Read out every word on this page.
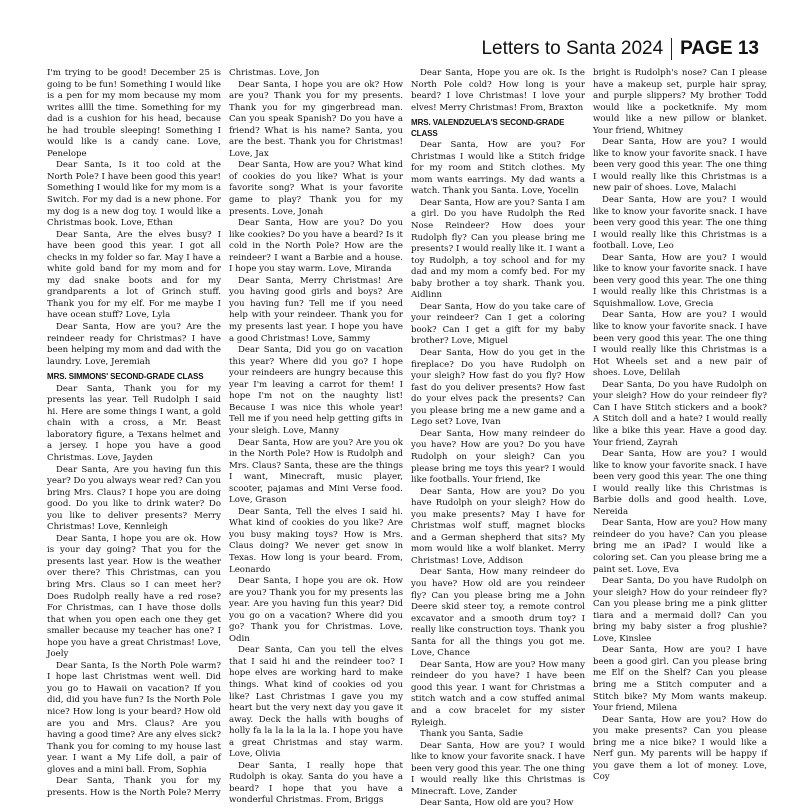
Letters to Santa 2024 PAGE 13

I'm trying to be good! December 25 is going to be fun! Something I would like is a pen for my mom because my mom writes allll the time. Something for my dad is a cushion for his head, because he had trouble sleeping! Something I would like is a candy cane. Love, Penelope

Dear Santa, Is it too cold at the North Pole? I have been good this year! Something I would like for my mom is a Switch. For my dad is a new phone. For my dog is a new dog toy. I would like a Christmas book. Love, Ethan

Dear Santa, Are the elves busy? I have been good this year. I got all checks in my folder so far. May I have a white gold band for my mom and for my dad snake boots and for my grandparents a lot of Grinch stuff. Thank you for my elf. For me maybe I have ocean stuff? Love, Lyla

Dear Santa, How are you? Are the reindeer ready for Christmas? I have been helping my mom and dad with the laundry. Love, Jeremiah

MRS. SIMMONS' SECOND-GRADE CLASS

Dear Santa, Thank you for my presents las year. Tell Rudolph I said hi. Here are some things I want, a gold chain with a cross, a Mr. Beast laboratory figure, a Texans helmet and a jersey. I hope you have a good Christmas. Love, Jayden

Dear Santa, Are you having fun this year? Do you always wear red? Can you bring Mrs. Claus? I hope you are doing good. Do you like to drink water? Do you like to deliver presents? Merry Christmas! Love, Kennleigh

Dear Santa, I hope you are ok. How is your day going? That you for the presents last year. How is the weather over there? This Christmas, can you bring Mrs. Claus so I can meet her? Does Rudolph really have a red rose? For Christmas, can I have those dolls that when you open each one they get smaller because my teacher has one? I hope you have a great Christmas! Love, Joely

Dear Santa, Is the North Pole warm? I hope last Christmas went well. Did you go to Hawaii on vacation? If you did, did you have fun? Is the North Pole nice? How long is your beard? How old are you and Mrs. Claus? Are you having a good time? Are any elves sick? Thank you for coming to my house last year. I want a My Life doll, a pair of gloves and a mini ball. From, Sophia

Dear Santa, Thank you for my presents. How is the North Pole? Merry

Christmas. Love, Jon

Dear Santa, I hope you are ok? How are you? Thank you for my presents. Thank you for my gingerbread man. Can you speak Spanish? Do you have a friend? What is his name? Santa, you are the best. Thank you for Christmas! Love, Jax

Dear Santa, How are you? What kind of cookies do you like? What is your favorite song? What is your favorite game to play? Thank you for my presents. Love, Jonah

Dear Santa, How are you? Do you like cookies? Do you have a beard? Is it cold in the North Pole? How are the reindeer? I want a Barbie and a house. I hope you stay warm. Love, Miranda

Dear Santa, Merry Christmas! Are you having good girls and boys? Are you having fun? Tell me if you need help with your reindeer. Thank you for my presents last year. I hope you have a good Christmas! Love, Sammy

Dear Santa, Did you go on vacation this year? Where did you go? I hope your reindeers are hungry because this year I'm leaving a carrot for them! I hope I'm not on the naughty list! Because I was nice this whole year! Tell me if you need help getting gifts in your sleigh. Love, Manny

Dear Santa, How are you? Are you ok in the North Pole? How is Rudolph and Mrs. Claus? Santa, these are the things I want, Minecraft, music player, scooter, pajamas and Mini Verse food. Love, Grason

Dear Santa, Tell the elves I said hi. What kind of cookies do you like? Are you busy making toys? How is Mrs. Claus doing? We never get snow in Texas. How long is your beard. From, Leonardo

Dear Santa, I hope you are ok. How are you? Thank you for my presents las year. Are you having fun this year? Did you go on a vacation? Where did you go? Thank you for Christmas. Love, Odin

Dear Santa, Can you tell the elves that I said hi and the reindeer too? I hope elves are working hard to make things. What kind of cookies od you like? Last Christmas I gave you my heart but the very next day you gave it away. Deck the halls with boughs of holly fa la la la la la la. I hope you have a great Christmas and stay warm. Love, Olivia

Dear Santa, I really hope that Rudolph is okay. Santa do you have a beard? I hope that you have a wonderful Christmas. From, Briggs

Dear Santa, Hope you are ok. Is the North Pole cold? How long is your beard? I love Christmas! I love your elves! Merry Christmas! From, Braxton

MRS. VALENDZUELA'S SECOND-GRADE CLASS

Dear Santa, How are you? For Christmas I would like a Stitch fridge for my room and Stitch clothes. My mom wants earrings. My dad wants a watch. Thank you Santa. Love, Yocelin

Dear Santa, How are you? Santa I am a girl. Do you have Rudolph the Red Nose Reindeer? How does your Rudolph fly? Can you please bring me presents? I would really like it. I want a toy Rudolph, a toy school and for my dad and my mom a comfy bed. For my baby brother a toy shark. Thank you. Aidlinn

Dear Santa, How do you take care of your reindeer? Can I get a coloring book? Can I get a gift for my baby brother? Love, Miguel

Dear Santa, How do you get in the fireplace? Do you have Rudolph on your sleigh? How fast do you fly? How fast do you deliver presents? How fast do your elves pack the presents? Can you please bring me a new game and a Lego set? Love, Ivan

Dear Santa, How many reindeer do you have? How are you? Do you have Rudolph on your sleigh? Can you please bring me toys this year? I would like footballs. Your friend, Ike

Dear Santa, How are you? Do you have Rudolph on your sleigh? How do you make presents? May I have for Christmas wolf stuff, magnet blocks and a German shepherd that sits? My mom would like a wolf blanket. Merry Christmas! Love, Addison

Dear Santa, How many reindeer do you have? How old are you reindeer fly? Can you please bring me a John Deere skid steer toy, a remote control excavator and a smooth drum toy? I really like construction toys. Thank you Santa for all the things you got me. Love, Chance

Dear Santa, How are you? How many reindeer do you have? I have been good this year. I want for Christmas a stitch watch and a cow stuffed animal and a cow bracelet for my sister Ryleigh.

Thank you Santa, Sadie

Dear Santa, How are you? I would like to know your favorite snack. I have been very good this year. The one thing I would really like this Christmas is Minecraft. Love, Zander

Dear Santa, How old are you? How

bright is Rudolph's nose? Can I please have a makeup set, purple hair spray, and purple slippers? My brother Todd would like a pocketknife. My mom would like a new pillow or blanket. Your friend, Whitney

Dear Santa, How are you? I would like to know your favorite snack. I have been very good this year. The one thing I would really like this Christmas is a new pair of shoes. Love, Malachi

Dear Santa, How are you? I would like to know your favorite snack. I have been very good this year. The one thing I would really like this Christmas is a football. Love, Leo

Dear Santa, How are you? I would like to know your favorite snack. I have been very good this year. The one thing I would really like this Christmas is a Squishmallow. Love, Grecia

Dear Santa, How are you? I would like to know your favorite snack. I have been very good this year. The one thing I would really like this Christmas is a Hot Wheels set and a new pair of shoes. Love, Delilah

Dear Santa, Do you have Rudolph on your sleigh? How do your reindeer fly? Can I have Stitch stickers and a book? A Stitch doll and a hate? I would really like a bike this year. Have a good day. Your friend, Zayrah

Dear Santa, How are you? I would like to know your favorite snack. I have been very good this year. The one thing I would really like this Christmas is Barbie dolls and good health. Love, Nereida

Dear Santa, How are you? How many reindeer do you have? Can you please bring me an iPad? I would like a coloring set. Can you please bring me a paint set. Love, Eva

Dear Santa, Do you have Rudolph on your sleigh? How do your reindeer fly? Can you please bring me a pink glitter tiara and a mermaid doll? Can you bring my baby sister a frog plushie? Love, Kinslee

Dear Santa, How are you? I have been a good girl. Can you please bring me Elf on the Shelf? Can you please bring me a Stitch computer and a Stitch bike? My Mom wants makeup. Your friend, Milena

Dear Santa, How are you? How do you make presents? Can you please bring me a nice bike? I would like a Nerf gun. My parents will be happy if you gave them a lot of money. Love, Coy
